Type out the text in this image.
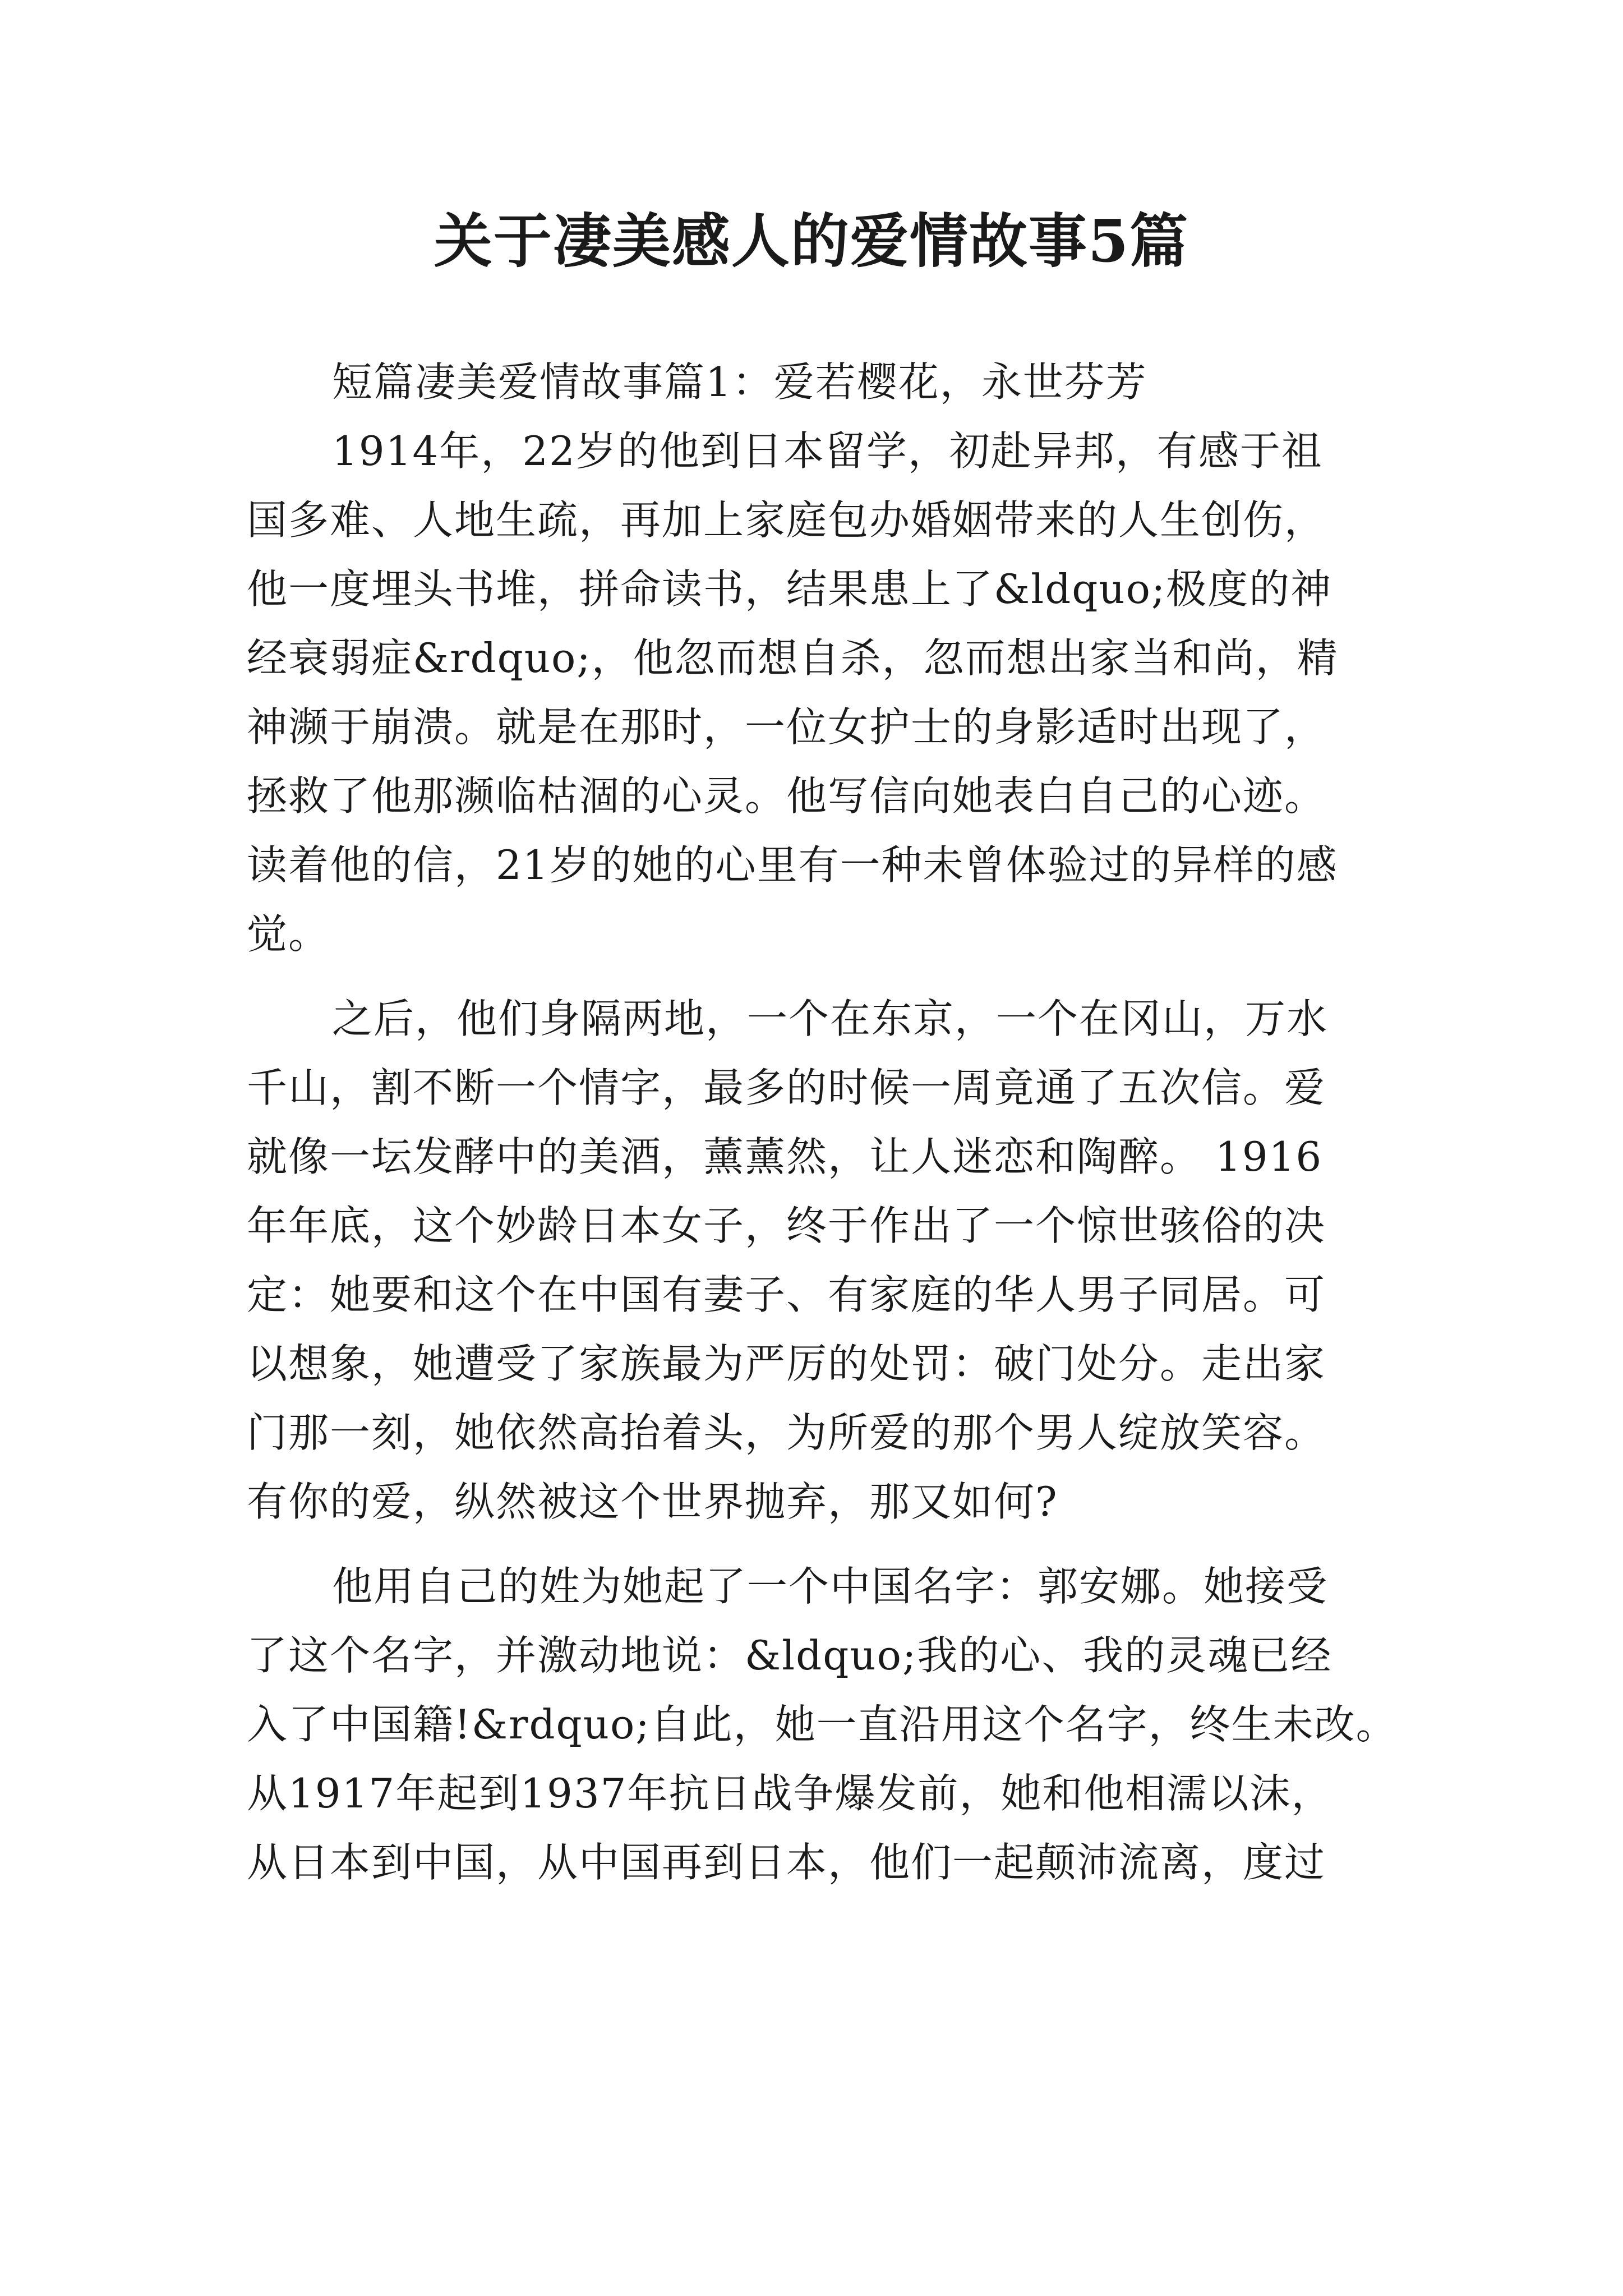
关于凄美感人的爱情故事5篇
短篇凄美爱情故事篇1：爱若樱花，永世芬芳
1914年，22岁的他到日本留学，初赴异邦，有感于祖
国多难、人地生疏，再加上家庭包办婚姻带来的人生创伤，
他一度埋头书堆，拼命读书，结果患上了&ldquo;极度的神
经衰弱症&rdquo;，他忽而想自杀，忽而想出家当和尚，精
神濒于崩溃。就是在那时，一位女护士的身影适时出现了，
拯救了他那濒临枯涸的心灵。他写信向她表白自己的心迹。
读着他的信，21岁的她的心里有一种未曾体验过的异样的感
觉。
之后，他们身隔两地，一个在东京，一个在冈山，万水
千山，割不断一个情字，最多的时候一周竟通了五次信。爱
就像一坛发酵中的美酒，薰薰然，让人迷恋和陶醉。 1916
年年底，这个妙龄日本女子，终于作出了一个惊世骇俗的决
定：她要和这个在中国有妻子、有家庭的华人男子同居。可
以想象，她遭受了家族最为严厉的处罚：破门处分。走出家
门那一刻，她依然高抬着头，为所爱的那个男人绽放笑容。
有你的爱，纵然被这个世界抛弃，那又如何?
他用自己的姓为她起了一个中国名字：郭安娜。她接受
了这个名字，并激动地说：&ldquo;我的心、我的灵魂已经
入了中国籍!&rdquo;自此，她一直沿用这个名字，终生未改。
从1917年起到1937年抗日战争爆发前，她和他相濡以沫，
从日本到中国，从中国再到日本，他们一起颠沛流离，度过
